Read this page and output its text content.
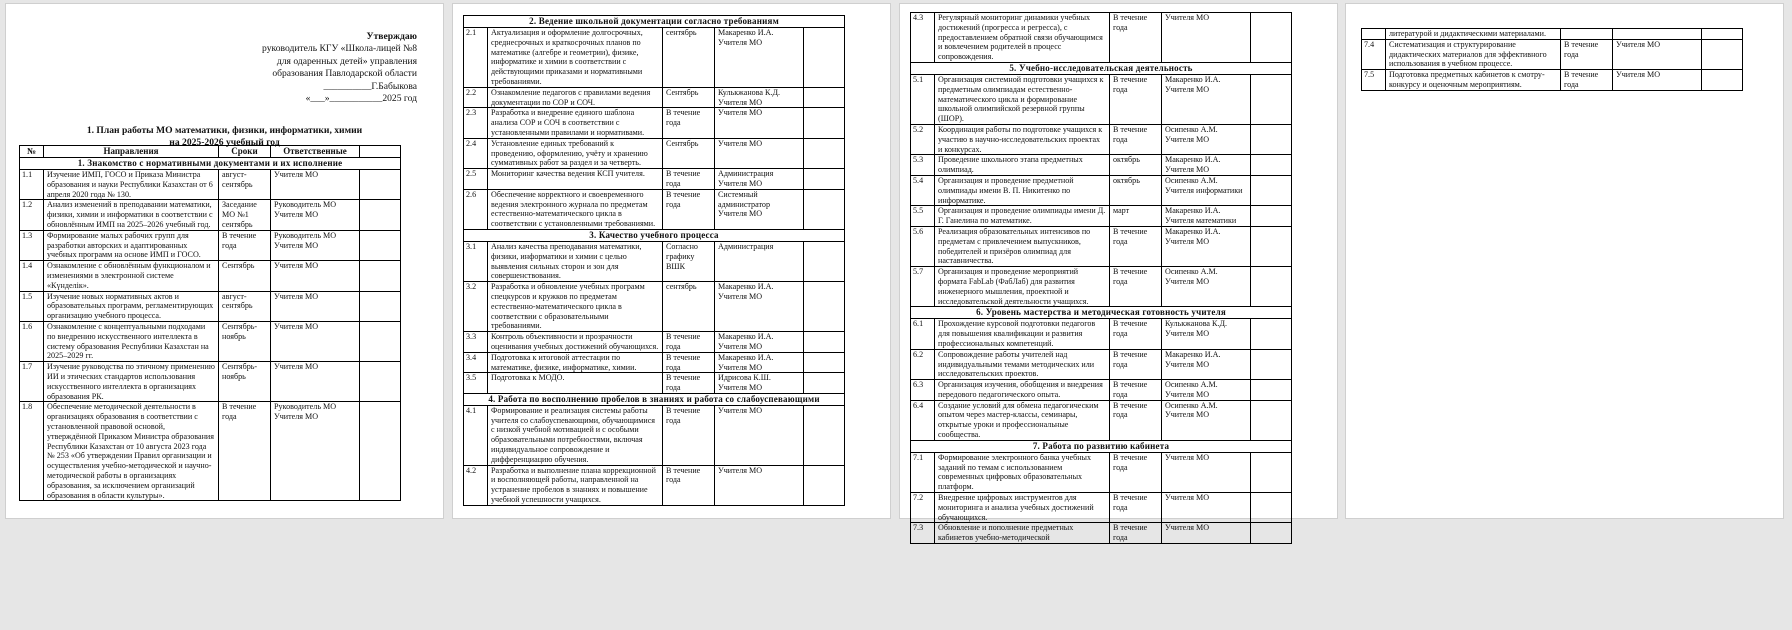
Утверждаю
руководитель КГУ «Школа-лицей №8
для одаренных детей» управления
образования Павлодарской области
__________Г.Бабыкова
«___»___________2025 год
1. План работы МО математики, физики, информатики, химии
на 2025-2026 учебный год
№	Направления	Сроки	Ответственные	
1. Знакомство с нормативными документами и их исполнение				
1.1	Изучение ИМП, ГОСО и Приказа Министра образования и науки Республики Казахстан от 6 апреля 2020 года № 130.	август-сентябрь	Учителя МО	
1.2	Анализ изменений в преподавании математики, физики, химии и информатики в соответствии с обновлённым ИМП на 2025–2026 учебный год.	Заседание МО №1 сентябрь	Руководитель МО Учителя МО	
1.3	Формирование малых рабочих групп для разработки авторских и адаптированных учебных программ на основе ИМП и ГОСО.	В течение года	Руководитель МО Учителя МО	
1.4	Ознакомление с обновлённым функционалом и изменениями в электронной системе «Күнделік».	Сентябрь	Учителя МО	
1.5	Изучение новых нормативных актов и образовательных программ, регламентирующих организацию учебного процесса.	август-сентябрь	Учителя МО	
1.6	Ознакомление с концептуальными подходами по внедрению искусственного интеллекта в систему образования Республики Казахстан на 2025–2029 гг.	Сентябрь-ноябрь	Учителя МО	
1.7	Изучение руководства по этичному применению ИИ и этических стандартов использования искусственного интеллекта в организациях образования РК.	Сентябрь-ноябрь	Учителя МО	
1.8	Обеспечение методической деятельности в организациях образования в соответствии с установленной правовой основой, утверждённой Приказом Министра образования Республики Казахстан от 10 августа 2023 года № 253 «Об утверждении Правил организации и осуществления учебно-методической и научно-методической работы в организациях образования, за исключением организаций образования в области культуры».	В течение года	Руководитель МО Учителя МО	
2. Ведение школьной документации согласно требованиям				
2.1	Актуализация и оформление долгосрочных, среднесрочных и краткосрочных планов по математике (алгебре и геометрии), физике, информатике и химии в соответствии с действующими приказами и нормативными требованиями.	сентябрь	Макаренко И.А. Учителя МО	
2.2	Ознакомление педагогов с правилами ведения документации по СОР и СОЧ.	Сентябрь	Кулькжанова К.Д. Учителя МО	
2.3	Разработка и внедрение единого шаблона анализа СОР и СОЧ в соответствии с установленными правилами и нормативами.	В течение года	Учителя МО	
2.4	Установление единых требований к проведению, оформлению, учёту и хранению суммативных работ за раздел и за четверть.	Сентябрь	Учителя МО	
2.5	Мониторинг качества ведения КСП учителя.	В течение года	Администрация Учителя МО	
2.6	Обеспечение корректного и своевременного ведения электронного журнала по предметам естественно-математического цикла в соответствии с установленными требованиями.	В течение года	Системный администратор Учителя МО	
3. Качество учебного процесса				
3.1	Анализ качества преподавания математики, физики, информатики и химии с целью выявления сильных сторон и зон для совершенствования.	Согласно графику ВШК	Администрация	
3.2	Разработка и обновление учебных программ спецкурсов и кружков по предметам естественно-математического цикла в соответствии с образовательными требованиями.	сентябрь	Макаренко И.А. Учителя МО	
3.3	Контроль объективности и прозрачности оценивания учебных достижений обучающихся.	В течение года	Макаренко И.А. Учителя МО	
3.4	Подготовка к итоговой аттестации по математике, физике, информатике, химии.	В течение года	Макаренко И.А. Учителя МО	
3.5	Подготовка к МОДО.	В течение года	Идрисова К.Ш. Учителя МО	
4. Работа по восполнению пробелов в знаниях и работа со слабоуспевающими				
4.1	Формирование и реализация системы работы учителя со слабоуспевающими, обучающимися с низкой учебной мотивацией и с особыми образовательными потребностями, включая индивидуальное сопровождение и дифференциацию обучения.	В течение года	Учителя МО	
4.2	Разработка и выполнение плана коррекционной и восполняющей работы, направленной на устранение пробелов в знаниях и повышение учебной успешности учащихся.	В течение года	Учителя МО	
4.3	Регулярный мониторинг динамики учебных достижений (прогресса и регресса), с предоставлением обратной связи обучающимся и вовлечением родителей в процесс сопровождения.	В течение года	Учителя МО	
5. Учебно-исследовательская деятельность				
5.1	Организация системной подготовки учащихся к предметным олимпиадам естественно-математического цикла и формирование школьной олимпийской резервной группы (ШОР).	В течение года	Макаренко И.А. Учителя МО	
5.2	Координация работы по подготовке учащихся к участию в научно-исследовательских проектах и конкурсах.	В течение года	Осипенко А.М. Учителя МО	
5.3	Проведение школьного этапа предметных олимпиад.	октябрь	Макаренко И.А. Учителя МО	
5.4	Организация и проведение предметной олимпиады имени В. П. Никитенко по информатике.	октябрь	Осипенко А.М. Учителя информатики	
5.5	Организация и проведение олимпиады имени Д. Г. Ганелина по математике.	март	Макаренко И.А. Учителя математики	
5.6	Реализация образовательных интенсивов по предметам с привлечением выпускников, победителей и призёров олимпиад для наставничества.	В течение года	Макаренко И.А. Учителя МО	
5.7	Организация и проведение мероприятий формата FabLab (ФабЛаб) для развития инженерного мышления, проектной и исследовательской деятельности учащихся.	В течение года	Осипенко А.М. Учителя МО	
6. Уровень мастерства и методическая готовность учителя				
6.1	Прохождение курсовой подготовки педагогов для повышения квалификации и развития профессиональных компетенций.	В течение года	Кулькжанова К.Д. Учителя МО	
6.2	Сопровождение работы учителей над индивидуальными темами методических или исследовательских проектов.	В течение года	Макаренко И.А. Учителя МО	
6.3	Организация изучения, обобщения и внедрения передового педагогического опыта.	В течение года	Осипенко А.М. Учителя МО	
6.4	Создание условий для обмена педагогическим опытом через мастер-классы, семинары, открытые уроки и профессиональные сообщества.	В течение года	Осипенко А.М. Учителя МО	
7. Работа по развитию кабинета				
7.1	Формирование электронного банка учебных заданий по темам с использованием современных цифровых образовательных платформ.	В течение года	Учителя МО	
7.2	Внедрение цифровых инструментов для мониторинга и анализа учебных достижений обучающихся.	В течение года	Учителя МО	
7.3	Обновление и пополнение предметных кабинетов учебно-методической	В течение года	Учителя МО	
	литературой и дидактическими материалами.			
7.4	Систематизация и структурирование дидактических материалов для эффективного использования в учебном процессе.	В течение года	Учителя МО	
7.5	Подготовка предметных кабинетов к смотру-конкурсу и оценочным мероприятиям.	В течение года	Учителя МО	
